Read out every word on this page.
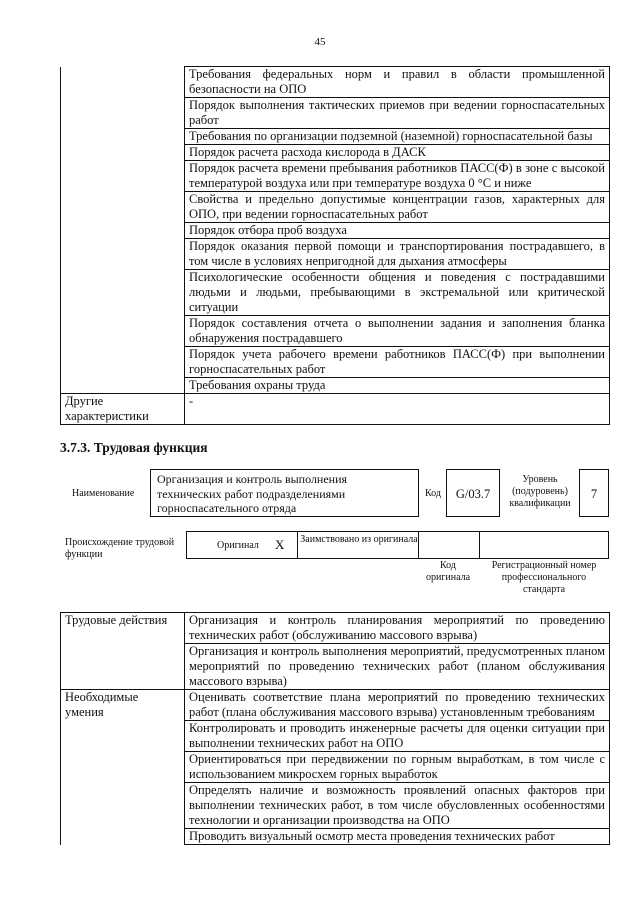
45
	Требования федеральных норм и правил в области промышленной безопасности на ОПО
	Порядок выполнения тактических приемов при ведении горноспасательных работ
	Требования по организации подземной (наземной) горноспасательной базы
	Порядок расчета расхода кислорода в ДАСК
	Порядок расчета времени пребывания работников ПАСС(Ф) в зоне с высокой температурой воздуха или при температуре воздуха 0 °С и ниже
	Свойства и предельно допустимые концентрации газов, характерных для ОПО, при ведении горноспасательных работ
	Порядок отбора проб воздуха
	Порядок оказания первой помощи и транспортирования пострадавшего, в том числе в условиях непригодной для дыхания атмосферы
	Психологические особенности общения и поведения с пострадавшими людьми и людьми, пребывающими в экстремальной или критической ситуации
	Порядок составления отчета о выполнении задания и заполнения бланка обнаружения пострадавшего
	Порядок учета рабочего времени работников ПАСС(Ф) при выполнении горноспасательных работ
	Требования охраны труда
Другие характеристики	-
3.7.3. Трудовая функция
Наименование
Организация и контроль выполнения технических работ подразделениями горноспасательного отряда
Код	G/03.7
Уровень (подуровень) квалификации
7
Происхождение трудовой функции
Оригинал X Заимствовано из оригинала
Код оригинала
Регистрационный номер профессионального стандарта
Трудовые действия	Организация и контроль планирования мероприятий по проведению технических работ (обслуживанию массового взрыва)
	Организация и контроль выполнения мероприятий, предусмотренных планом мероприятий по проведению технических работ (планом обслуживания массового взрыва)
Необходимые умения	Оценивать соответствие плана мероприятий по проведению технических работ (плана обслуживания массового взрыва) установленным требованиям
	Контролировать и проводить инженерные расчеты для оценки ситуации при выполнении технических работ на ОПО
	Ориентироваться при передвижении по горным выработкам, в том числе с использованием микросхем горных выработок
	Определять наличие и возможность проявлений опасных факторов при выполнении технических работ, в том числе обусловленных особенностями технологии и организации производства на ОПО
	Проводить визуальный осмотр места проведения технических работ
